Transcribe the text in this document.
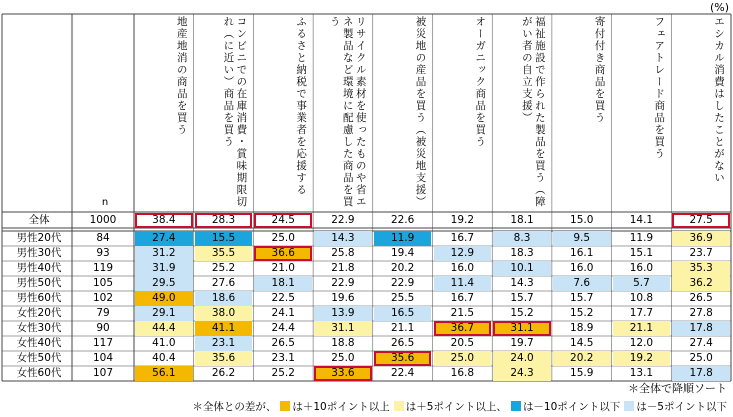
(%)
地産地消の商品を買う	コンビニでの在庫消費・賞味期限切れ（に近い）商品を買う	ふるさと納税で事業者を応援する	リサイクル素材を使ったものや省エネ製品など環境に配慮した商品を買う	被災地の産品を買う（被災地支援）	オーガニック商品を買う	福祉施設で作られた製品を買う（障がい者の自立支援）	寄付付き商品を買う	フェアトレード商品を買う	エシカル消費はしたことがない
n
全体	1000	38.4	28.3	24.5	22.9	22.6	19.2	18.1	15.0	14.1	27.5
男性20代	84	27.4	15.5	25.0	14.3	11.9	16.7	8.3	9.5	11.9	36.9
男性30代	93	31.2	35.5	36.6	25.8	19.4	12.9	18.3	16.1	15.1	23.7
男性40代	119	31.9	25.2	21.0	21.8	20.2	16.0	10.1	16.0	16.0	35.3
男性50代	105	29.5	27.6	18.1	22.9	22.9	11.4	14.3	7.6	5.7	36.2
男性60代	102	49.0	18.6	22.5	19.6	25.5	16.7	15.7	15.7	10.8	26.5
女性20代	79	29.1	38.0	24.1	13.9	16.5	21.5	15.2	15.2	17.7	27.8
女性30代	90	44.4	41.1	24.4	31.1	21.1	36.7	31.1	18.9	21.1	17.8
女性40代	117	41.0	23.1	26.5	18.8	26.5	20.5	19.7	14.5	12.0	27.4
女性50代	104	40.4	35.6	23.1	25.0	35.6	25.0	24.0	20.2	19.2	25.0
女性60代	107	56.1	26.2	25.2	33.6	22.4	16.8	24.3	15.9	13.1	17.8
＊全体で降順ソート
＊全体との差が、 は＋10ポイント以上 は＋5ポイント以上、 は－10ポイント以下 は－5ポイント以下
